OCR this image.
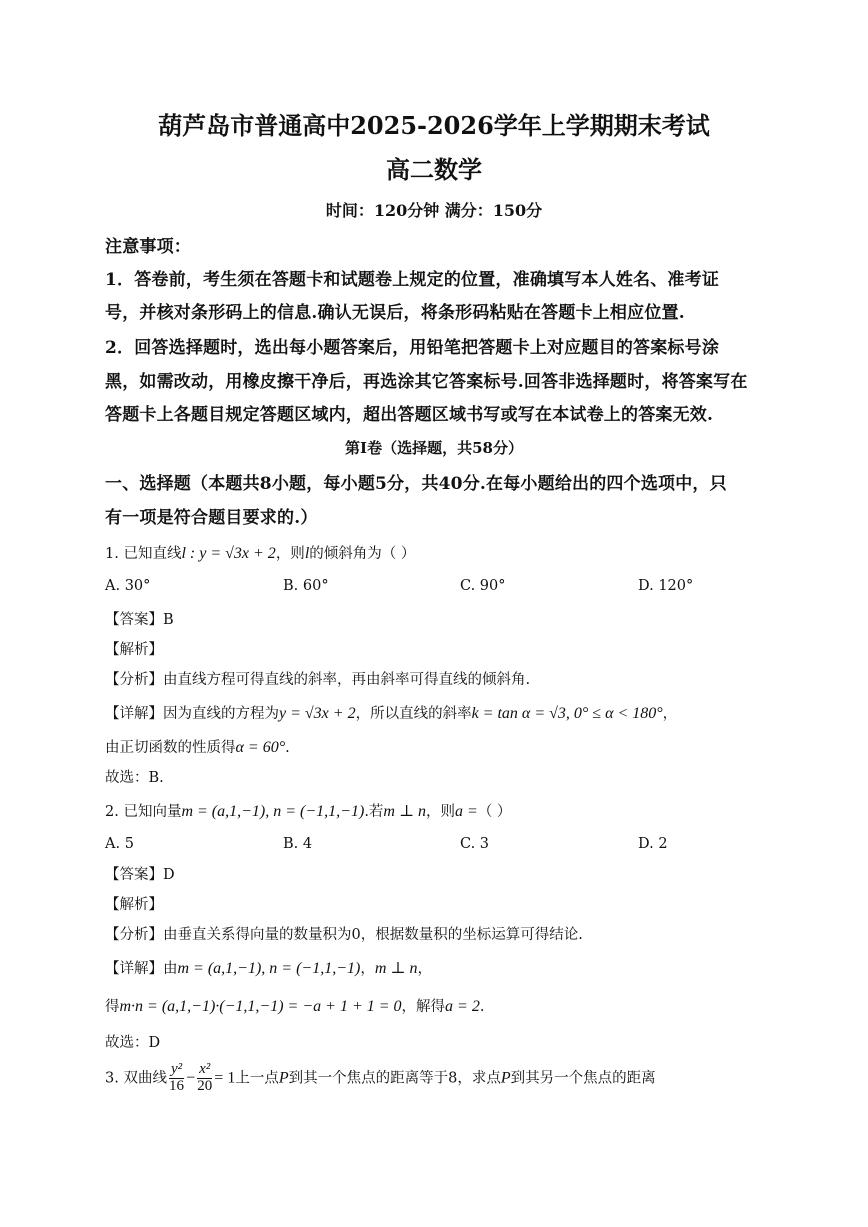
葫芦岛市普通高中2025-2026学年上学期期末考试
高二数学
时间：120分钟 满分：150分
注意事项：
1．答卷前，考生须在答题卡和试题卷上规定的位置，准确填写本人姓名、准考证
号，并核对条形码上的信息.确认无误后，将条形码粘贴在答题卡上相应位置.
2．回答选择题时，选出每小题答案后，用铅笔把答题卡上对应题目的答案标号涂
黑，如需改动，用橡皮擦干净后，再选涂其它答案标号.回答非选择题时，将答案写在
答题卡上各题目规定答题区域内，超出答题区域书写或写在本试卷上的答案无效.
第Ⅰ卷（选择题，共58分）
一、选择题（本题共8小题，每小题5分，共40分.在每小题给出的四个选项中，只
有一项是符合题目要求的.）
1. 已知直线l : y = √3x + 2，则l的倾斜角为（ ）
A. 30°	B. 60°	C. 90°	D. 120°
【答案】B
【解析】
【分析】由直线方程可得直线的斜率，再由斜率可得直线的倾斜角.
【详解】因为直线的方程为y = √3x + 2，所以直线的斜率k = tan α = √3, 0° ≤ α < 180°，
由正切函数的性质得α = 60°.
故选：B.
2. 已知向量m = (a,1,−1), n = (−1,1,−1).若m ⊥ n，则a =（ ）
A. 5	B. 4	C. 3	D. 2
【答案】D
【解析】
【分析】由垂直关系得向量的数量积为0，根据数量积的坐标运算可得结论.
【详解】由m = (a,1,−1), n = (−1,1,−1)，m ⊥ n，
得m·n = (a,1,−1)·(−1,1,−1) = −a + 1 + 1 = 0，解得a = 2.
故选：D
3. 双曲线 $\frac{\text{y²}}{16} - \frac{\text{x²}}{20} = 1$上一点P到其一个焦点的距离等于8，求点P到其另一个焦点的距离
